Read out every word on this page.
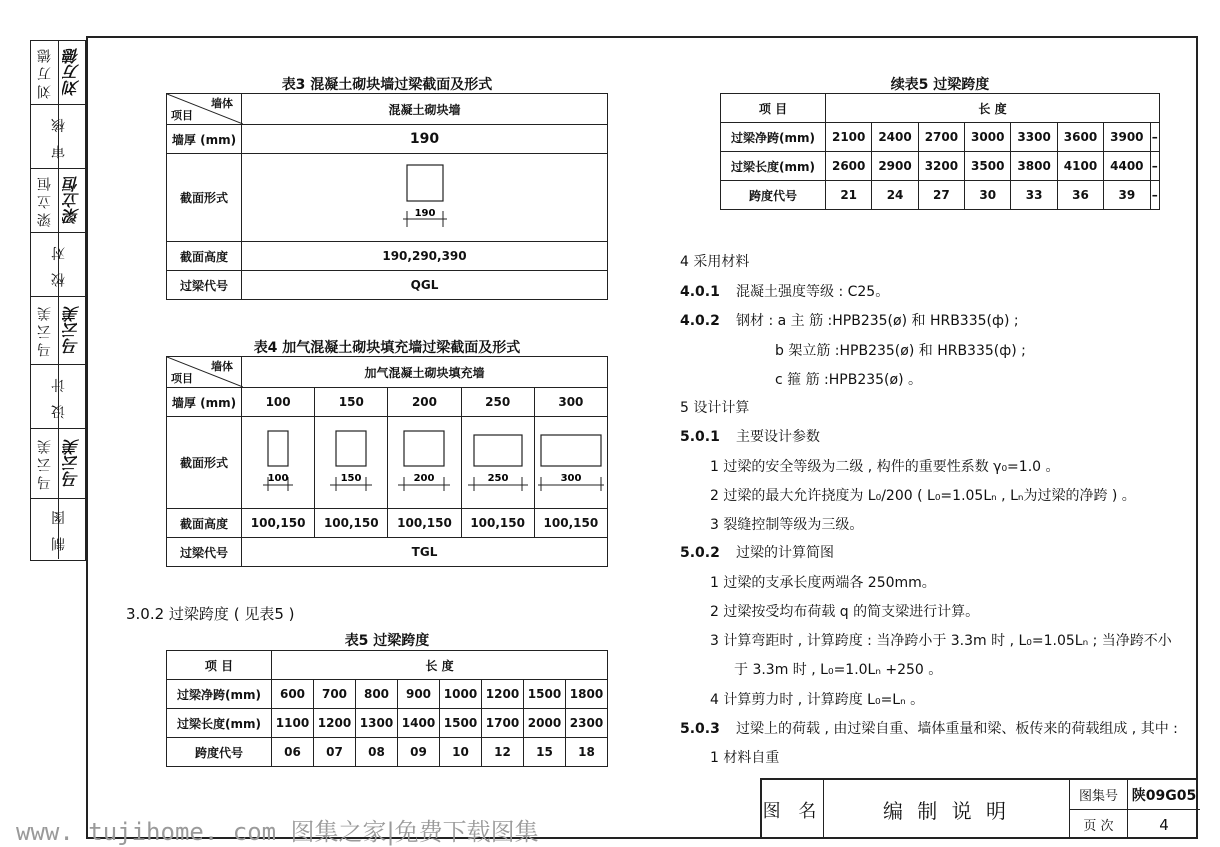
刘万德 刘万德
审 核
梁立恒 梁立恒
校 对
马云美 马云美
设 计
马云美 马云美
制 图
表3 混凝土砌块墙过梁截面及形式
墙体
项目	混凝土砌块墙
墙厚 (mm)	190
截面形式	190

截面高度	190,290,390
过梁代号	QGL
表4 加气混凝土砌块填充墙过梁截面及形式
墙体
项目	加气混凝土砌块填充墙				
墙厚 (mm)	100	150	200	250	300
截面形式	100	150	200	250	300

截面高度	100,150	100,150	100,150	100,150	100,150
过梁代号	TGL				
3.0.2 过梁跨度 ( 见表5 )
表5 过梁跨度
项 目	长 度							
过梁净跨(mm)	600	700	800	900	1000	1200	1500	1800
过梁长度(mm)	1100	1200	1300	1400	1500	1700	2000	2300
跨度代号	06	07	08	09	10	12	15	18
续表5 过梁跨度
项 目	长 度							
过梁净跨(mm)	2100	2400	2700	3000	3300	3600	3900	–
过梁长度(mm)	2600	2900	3200	3500	3800	4100	4400	–
跨度代号	21	24	27	30	33	36	39	–
4 采用材料
4.0.1 混凝土强度等级 : C25。
4.0.2 钢材 : a 主 筋 :HPB235(ø) 和 HRB335(ф) ;
b 架立筋 :HPB235(ø) 和 HRB335(ф) ;
c 箍 筋 :HPB235(ø) 。
5 设计计算
5.0.1 主要设计参数
1 过梁的安全等级为二级 , 构件的重要性系数 γ₀=1.0 。
2 过梁的最大允许挠度为 L₀/200 ( L₀=1.05Lₙ , Lₙ为过梁的净跨 ) 。
3 裂缝控制等级为三级。
5.0.2 过梁的计算简图
1 过梁的支承长度两端各 250mm。
2 过梁按受均布荷载 q 的简支梁进行计算。
3 计算弯距时 , 计算跨度 : 当净跨小于 3.3m 时 , L₀=1.05Lₙ ; 当净跨不小
于 3.3m 时 , L₀=1.0Lₙ +250 。
4 计算剪力时 , 计算跨度 L₀=Lₙ 。
5.0.3 过梁上的荷载 , 由过梁自重、墙体重量和梁、板传来的荷载组成 , 其中 :
1 材料自重
图 名	编 制 说 明
图集号 陕09G05
页 次	4
www. tujihome. com 图集之家|免费下载图集
